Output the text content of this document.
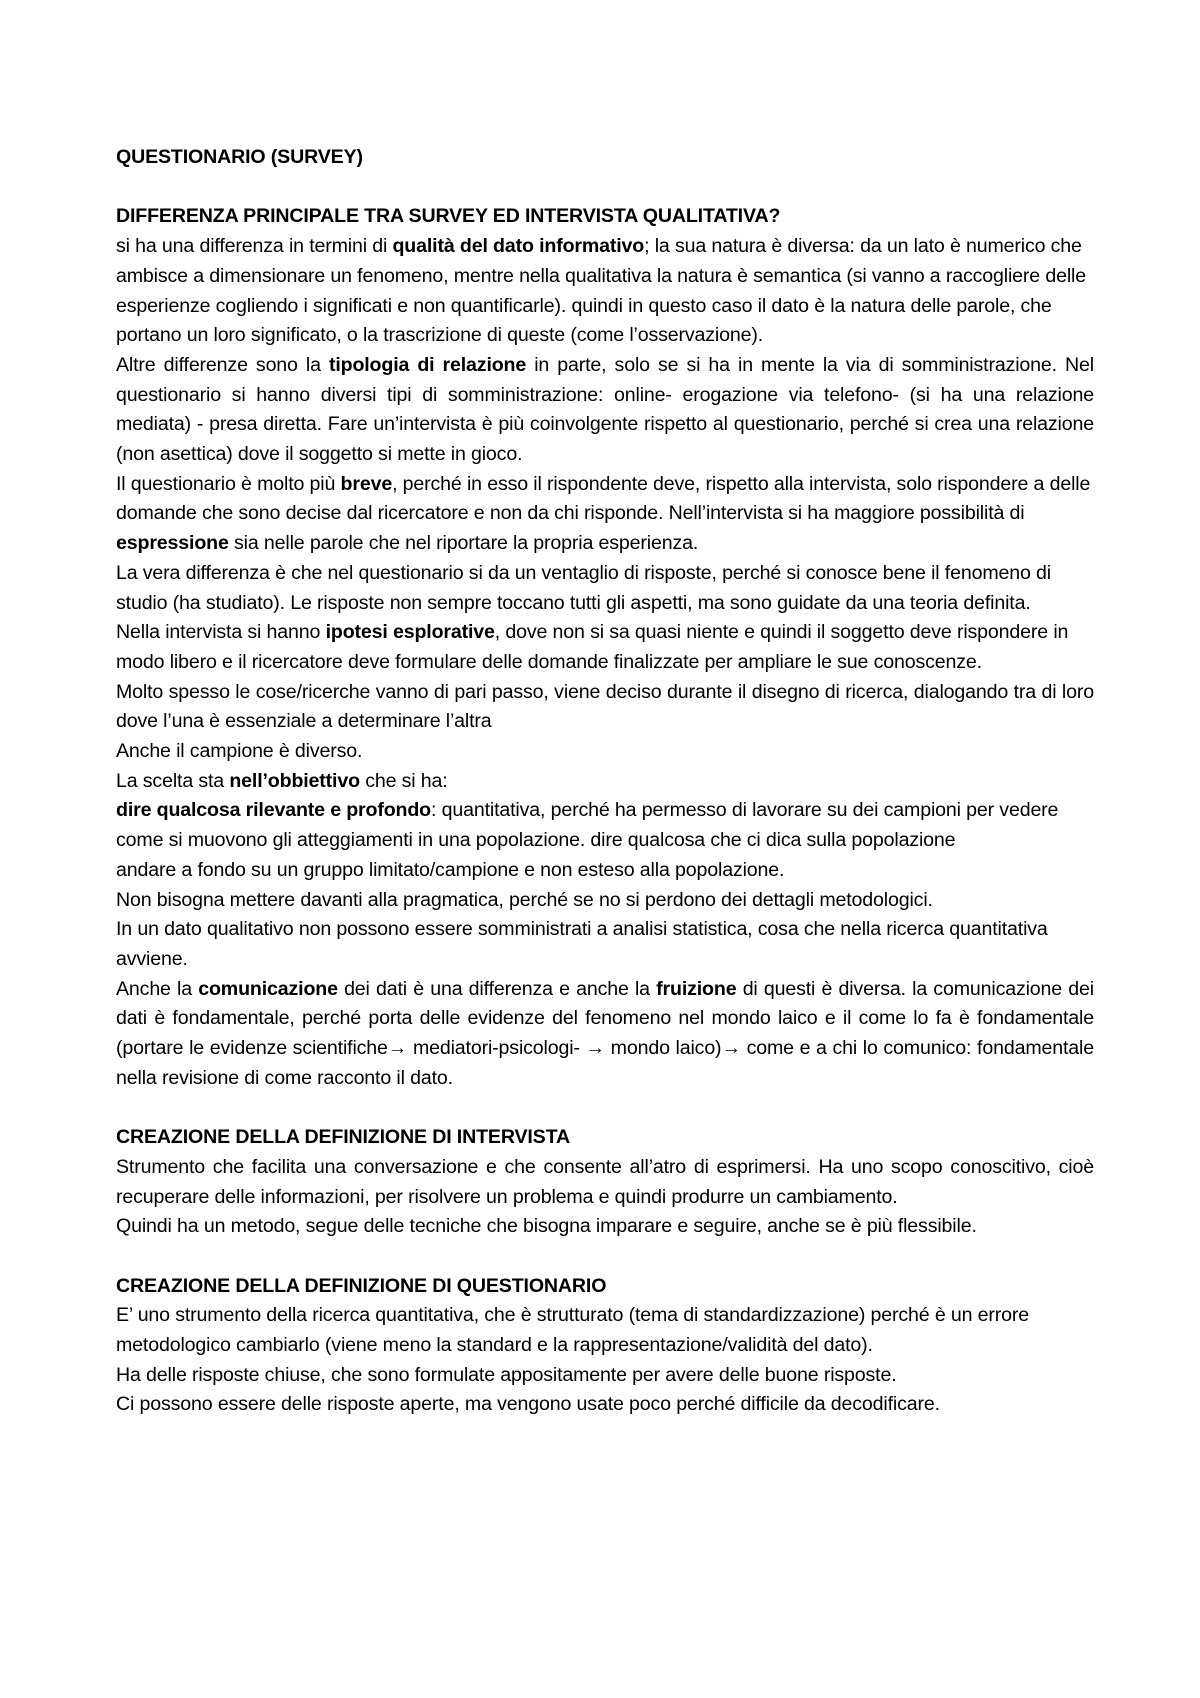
QUESTIONARIO (SURVEY)

DIFFERENZA PRINCIPALE TRA SURVEY ED INTERVISTA QUALITATIVA?

si ha una differenza in termini di qualità del dato informativo; la sua natura è diversa: da un lato è numerico che ambisce a dimensionare un fenomeno, mentre nella qualitativa la natura è semantica (si vanno a raccogliere delle esperienze cogliendo i significati e non quantificarle). quindi in questo caso il dato è la natura delle parole, che portano un loro significato, o la trascrizione di queste (come l’osservazione).

Altre differenze sono la tipologia di relazione in parte, solo se si ha in mente la via di somministrazione. Nel questionario si hanno diversi tipi di somministrazione: online- erogazione via telefono- (si ha una relazione mediata) - presa diretta. Fare un’intervista è più coinvolgente rispetto al questionario, perché si crea una relazione (non asettica) dove il soggetto si mette in gioco.

Il questionario è molto più breve, perché in esso il rispondente deve, rispetto alla intervista, solo rispondere a delle domande che sono decise dal ricercatore e non da chi risponde. Nell’intervista si ha maggiore possibilità di espressione sia nelle parole che nel riportare la propria esperienza.

La vera differenza è che nel questionario si da un ventaglio di risposte, perché si conosce bene il fenomeno di studio (ha studiato). Le risposte non sempre toccano tutti gli aspetti, ma sono guidate da una teoria definita.

Nella intervista si hanno ipotesi esplorative, dove non si sa quasi niente e quindi il soggetto deve rispondere in modo libero e il ricercatore deve formulare delle domande finalizzate per ampliare le sue conoscenze.

Molto spesso le cose/ricerche vanno di pari passo, viene deciso durante il disegno di ricerca, dialogando tra di loro dove l’una è essenziale a determinare l’altra

Anche il campione è diverso.

La scelta sta nell’obbiettivo che si ha:

dire qualcosa rilevante e profondo: quantitativa, perché ha permesso di lavorare su dei campioni per vedere come si muovono gli atteggiamenti in una popolazione. dire qualcosa che ci dica sulla popolazione

andare a fondo su un gruppo limitato/campione e non esteso alla popolazione.

Non bisogna mettere davanti alla pragmatica, perché se no si perdono dei dettagli metodologici.

In un dato qualitativo non possono essere somministrati a analisi statistica, cosa che nella ricerca quantitativa avviene.

Anche la comunicazione dei dati è una differenza e anche la fruizione di questi è diversa. la comunicazione dei dati è fondamentale, perché porta delle evidenze del fenomeno nel mondo laico e il come lo fa è fondamentale (portare le evidenze scientifiche→ mediatori-psicologi- → mondo laico)→ come e a chi lo comunico: fondamentale nella revisione di come racconto il dato.

CREAZIONE DELLA DEFINIZIONE DI INTERVISTA

Strumento che facilita una conversazione e che consente all’atro di esprimersi. Ha uno scopo conoscitivo, cioè recuperare delle informazioni, per risolvere un problema e quindi produrre un cambiamento.

Quindi ha un metodo, segue delle tecniche che bisogna imparare e seguire, anche se è più flessibile.

CREAZIONE DELLA DEFINIZIONE DI QUESTIONARIO

E’ uno strumento della ricerca quantitativa, che è strutturato (tema di standardizzazione) perché è un errore metodologico cambiarlo (viene meno la standard e la rappresentazione/validità del dato).

Ha delle risposte chiuse, che sono formulate appositamente per avere delle buone risposte.

Ci possono essere delle risposte aperte, ma vengono usate poco perché difficile da decodificare.
